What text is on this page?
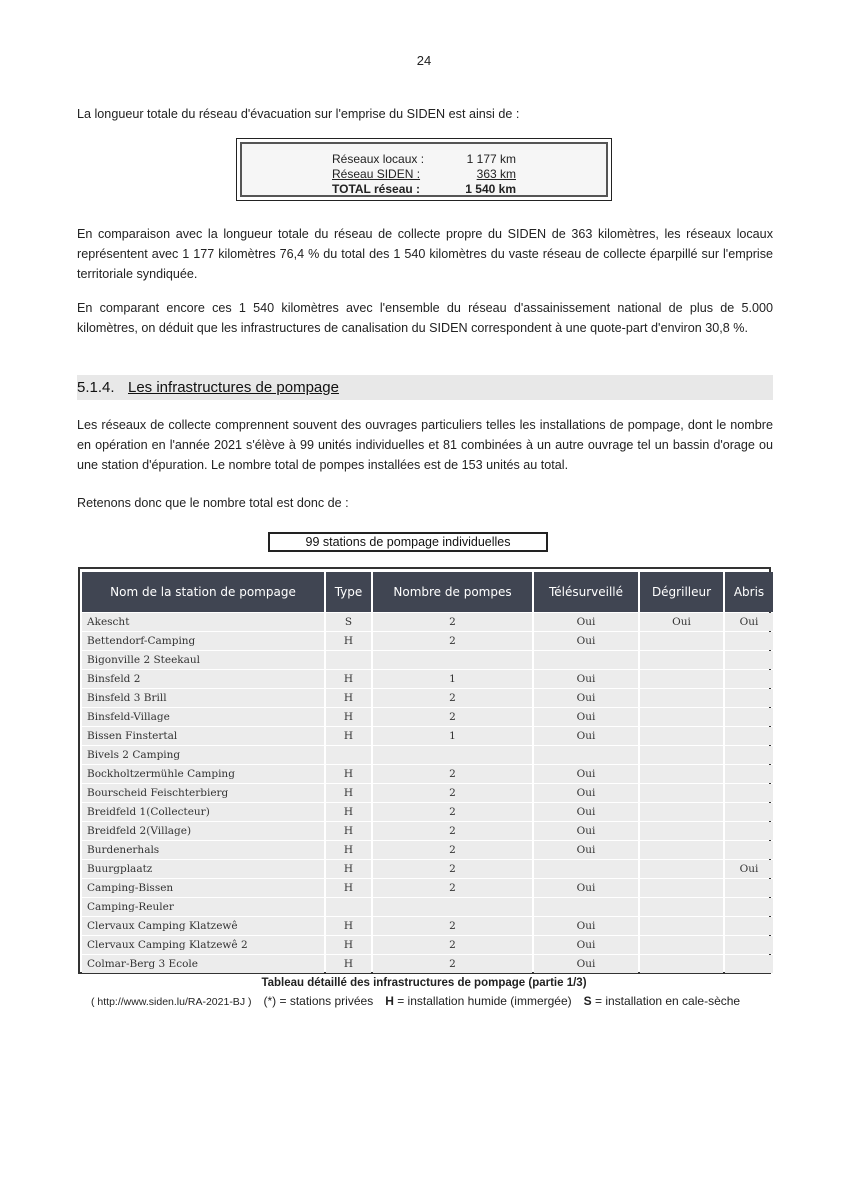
24
La longueur totale du réseau d'évacuation sur l'emprise du SIDEN est ainsi de :
Réseaux locaux :	1 177 km
Réseau SIDEN :	363 km
TOTAL réseau :	1 540 km
En comparaison avec la longueur totale du réseau de collecte propre du SIDEN de 363 kilomètres, les réseaux locaux représentent avec 1 177 kilomètres 76,4 % du total des 1 540 kilomètres du vaste réseau de collecte éparpillé sur l'emprise territoriale syndiquée.
En comparant encore ces 1 540 kilomètres avec l'ensemble du réseau d'assainissement national de plus de 5.000 kilomètres, on déduit que les infrastructures de canalisation du SIDEN correspondent à une quote-part d'environ 30,8 %.
5.1.4. Les infrastructures de pompage
Les réseaux de collecte comprennent souvent des ouvrages particuliers telles les installations de pompage, dont le nombre en opération en l'année 2021 s'élève à 99 unités individuelles et 81 combinées à un autre ouvrage tel un bassin d'orage ou une station d'épuration. Le nombre total de pompes installées est de 153 unités au total.
Retenons donc que le nombre total est donc de :
99 stations de pompage individuelles
Nom de la station de pompage	Type	Nombre de pompes	Télésurveillé	Dégrilleur	Abris
Akescht	S	2	Oui	Oui	Oui
Bettendorf-Camping	H	2	Oui		
Bigonville 2 Steekaul					
Binsfeld 2	H	1	Oui		
Binsfeld 3 Brill	H	2	Oui		
Binsfeld-Village	H	2	Oui		
Bissen Finstertal	H	1	Oui		
Bivels 2 Camping					
Bockholtzermühle Camping	H	2	Oui		
Bourscheid Feischterbierg	H	2	Oui		
Breidfeld 1(Collecteur)	H	2	Oui		
Breidfeld 2(Village)	H	2	Oui		
Burdenerhals	H	2	Oui		
Buurgplaatz	H	2			Oui
Camping-Bissen	H	2	Oui		
Camping-Reuler					
Clervaux Camping Klatzewê	H	2	Oui		
Clervaux Camping Klatzewê 2	H	2	Oui		
Colmar-Berg 3 Ecole	H	2	Oui		
Tableau détaillé des infrastructures de pompage (partie 1/3)
( http://www.siden.lu/RA-2021-BJ ) (*) = stations privées H = installation humide (immergée) S = installation en cale-sèche
